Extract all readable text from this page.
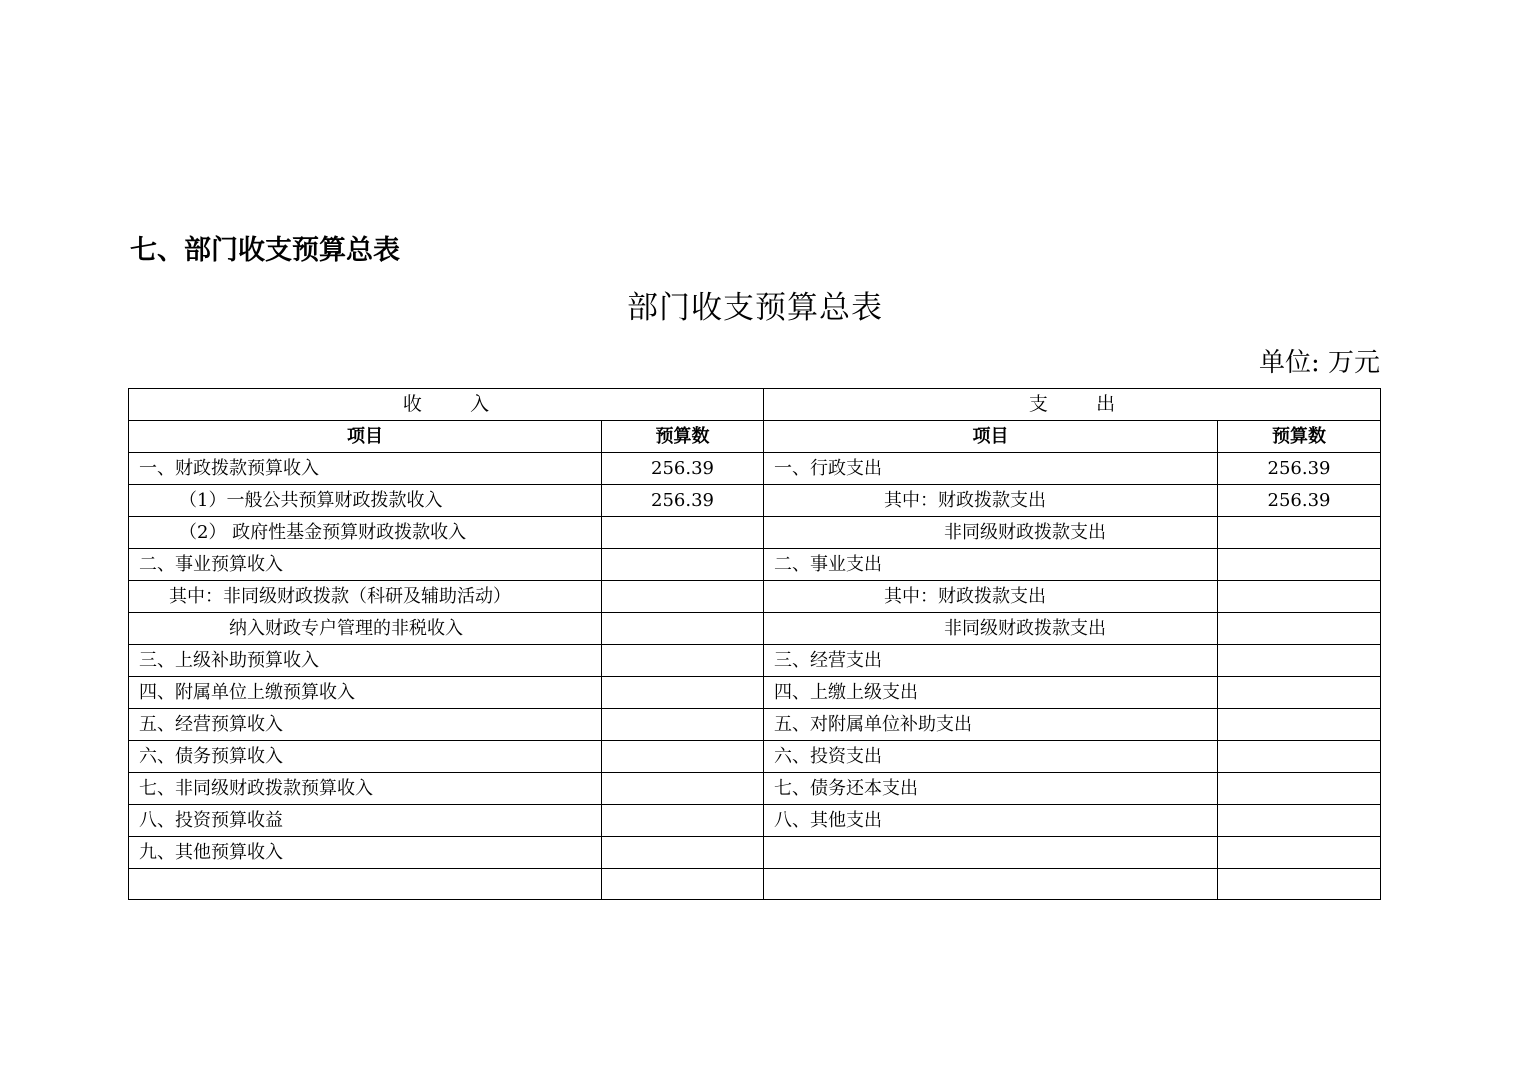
七、部门收支预算总表
部门收支预算总表
单位: 万元
收        入		支        出	
项目	预算数	项目	预算数
一、财政拨款预算收入	256.39	一、行政支出	256.39
（1）一般公共预算财政拨款收入	256.39	其中：财政拨款支出	256.39
（2） 政府性基金预算财政拨款收入		非同级财政拨款支出	
二、事业预算收入		二、事业支出	
其中：非同级财政拨款（科研及辅助活动）		其中：财政拨款支出	
纳入财政专户管理的非税收入		非同级财政拨款支出	
三、上级补助预算收入		三、经营支出	
四、附属单位上缴预算收入		四、上缴上级支出	
五、经营预算收入		五、对附属单位补助支出	
六、债务预算收入		六、投资支出	
七、非同级财政拨款预算收入		七、债务还本支出	
八、投资预算收益		八、其他支出	
九、其他预算收入			
